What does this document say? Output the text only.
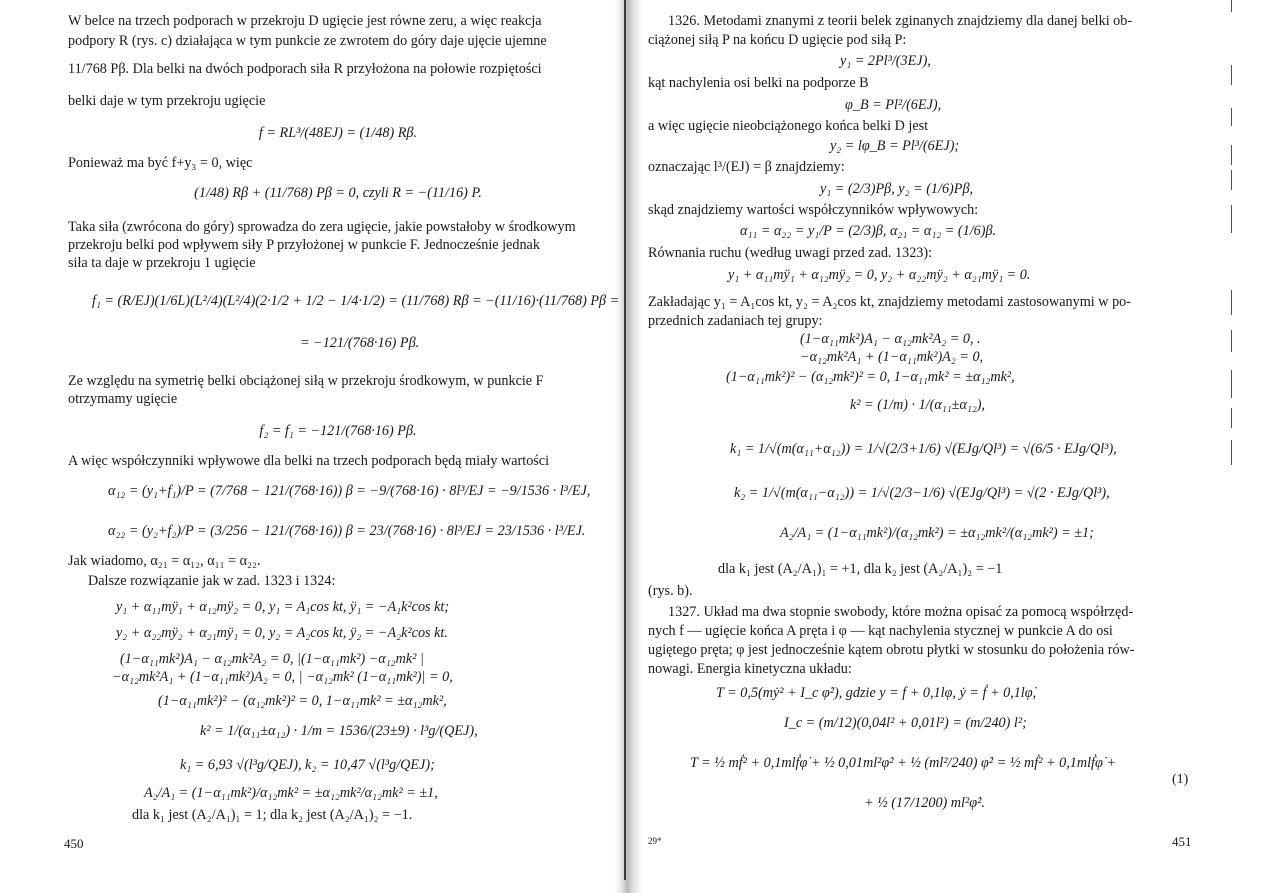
W belce na trzech podporach w przekroju D ugięcie jest równe zeru, a więc reakcja
podpory R (rys. c) działająca w tym punkcie ze zwrotem do góry daje ujęcie ujemne
11/768 Pβ. Dla belki na dwóch podporach siła R przyłożona na połowie rozpiętości
belki daje w tym przekroju ugięcie
f = RL³/(48EJ) = (1/48) Rβ.
Ponieważ ma być f+y₃ = 0, więc
(1/48) Rβ + (11/768) Pβ = 0, czyli R = −(11/16) P.
Taka siła (zwrócona do góry) sprowadza do zera ugięcie, jakie powstałoby w środkowym
przekroju belki pod wpływem siły P przyłożonej w punkcie F. Jednocześnie jednak
siła ta daje w przekroju 1 ugięcie
f₁ = (R/EJ)(1/6L)(L²/4)(L²/4)(2·1/2 + 1/2 − 1/4·1/2) = (11/768) Rβ = −(11/16)·(11/768) Pβ =
= −121/(768·16) Pβ.
Ze względu na symetrię belki obciążonej siłą w przekroju środkowym, w punkcie F
otrzymamy ugięcie
f₂ = f₁ = −121/(768·16) Pβ.
A więc współczynniki wpływowe dla belki na trzech podporach będą miały wartości
α₁₂ = (y₁+f₁)/P = (7/768 − 121/(768·16)) β = −9/(768·16) · 8l³/EJ = −9/1536 · l³/EJ,
α₂₂ = (y₂+f₂)/P = (3/256 − 121/(768·16)) β = 23/(768·16) · 8l³/EJ = 23/1536 · l³/EJ.
Jak wiadomo, α₂₁ = α₁₂, α₁₁ = α₂₂.
Dalsze rozwiązanie jak w zad. 1323 i 1324:
y₁ + α₁₁mÿ₁ + α₁₂mÿ₂ = 0, y₁ = A₁cos kt, ÿ₁ = −A₁k²cos kt;
y₂ + α₂₂mÿ₂ + α₂₁mÿ₁ = 0, y₂ = A₂cos kt, ÿ₂ = −A₂k²cos kt.
(1−α₁₁mk²)A₁ − α₁₂mk²A₂ = 0, |(1−α₁₁mk²) −α₁₂mk² |
−α₁₂mk²A₁ + (1−α₁₁mk²)A₂ = 0, | −α₁₂mk² (1−α₁₁mk²)| = 0,
(1−α₁₁mk²)² − (α₁₂mk²)² = 0, 1−α₁₁mk² = ±α₁₂mk²,
k² = 1/(α₁₁±α₁₂) · 1/m = 1536/(23±9) · l³g/(QEJ),
k₁ = 6,93 √(l³g/QEJ), k₂ = 10,47 √(l³g/QEJ);
A₂/A₁ = (1−α₁₁mk²)/α₁₂mk² = ±α₁₂mk²/α₁₂mk² = ±1,
dla k₁ jest (A₂/A₁)₁ = 1; dla k₂ jest (A₂/A₁)₂ = −1.
450
1326. Metodami znanymi z teorii belek zginanych znajdziemy dla danej belki ob-
ciążonej siłą P na końcu D ugięcie pod siłą P:
y₁ = 2Pl³/(3EJ),
kąt nachylenia osi belki na podporze B
φ_B = Pl²/(6EJ),
a więc ugięcie nieobciążonego końca belki D jest
y₂ = lφ_B = Pl³/(6EJ);
oznaczając l³/(EJ) = β znajdziemy:
y₁ = (2/3)Pβ, y₂ = (1/6)Pβ,
skąd znajdziemy wartości współczynników wpływowych:
α₁₁ = α₂₂ = y₁/P = (2/3)β, α₂₁ = α₁₂ = (1/6)β.
Równania ruchu (według uwagi przed zad. 1323):
y₁ + α₁₁mÿ₁ + α₁₂mÿ₂ = 0, y₂ + α₂₂mÿ₂ + α₂₁mÿ₁ = 0.
Zakładając y₁ = A₁cos kt, y₂ = A₂cos kt, znajdziemy metodami zastosowanymi w po-
przednich zadaniach tej grupy:
(1−α₁₁mk²)A₁ − α₁₂mk²A₂ = 0, .
−α₁₂mk²A₁ + (1−α₁₁mk²)A₂ = 0,
(1−α₁₁mk²)² − (α₁₂mk²)² = 0, 1−α₁₁mk² = ±α₁₂mk²,
k² = (1/m) · 1/(α₁₁±α₁₂),
k₁ = 1/√(m(α₁₁+α₁₂)) = 1/√(2/3+1/6) √(EJg/Ql³) = √(6/5 · EJg/Ql³),
k₂ = 1/√(m(α₁₁−α₁₂)) = 1/√(2/3−1/6) √(EJg/Ql³) = √(2 · EJg/Ql³),
A₂/A₁ = (1−α₁₁mk²)/(α₁₂mk²) = ±α₁₂mk²/(α₁₂mk²) = ±1;
dla k₁ jest (A₂/A₁)₁ = +1, dla k₂ jest (A₂/A₁)₂ = −1
(rys. b).
1327. Układ ma dwa stopnie swobody, które można opisać za pomocą współrzęd-
nych f — ugięcie końca A pręta i φ — kąt nachylenia stycznej w punkcie A do osi
ugiętego pręta; φ jest jednocześnie kątem obrotu płytki w stosunku do położenia rów-
nowagi. Energia kinetyczna układu:
T = 0,5(mẏ² + I_c φ̇²), gdzie y = f + 0,1lφ, ẏ = ḟ + 0,1lφ̇,
I_c = (m/12)(0,04l² + 0,01l²) = (m/240) l²;
T = ½ mḟ² + 0,1mlḟφ̇ + ½ 0,01ml²φ̇² + ½ (ml²/240) φ̇² = ½ mḟ² + 0,1mlḟφ̇ +
+ ½ (17/1200) ml²φ̇².
(1)
29*	451
